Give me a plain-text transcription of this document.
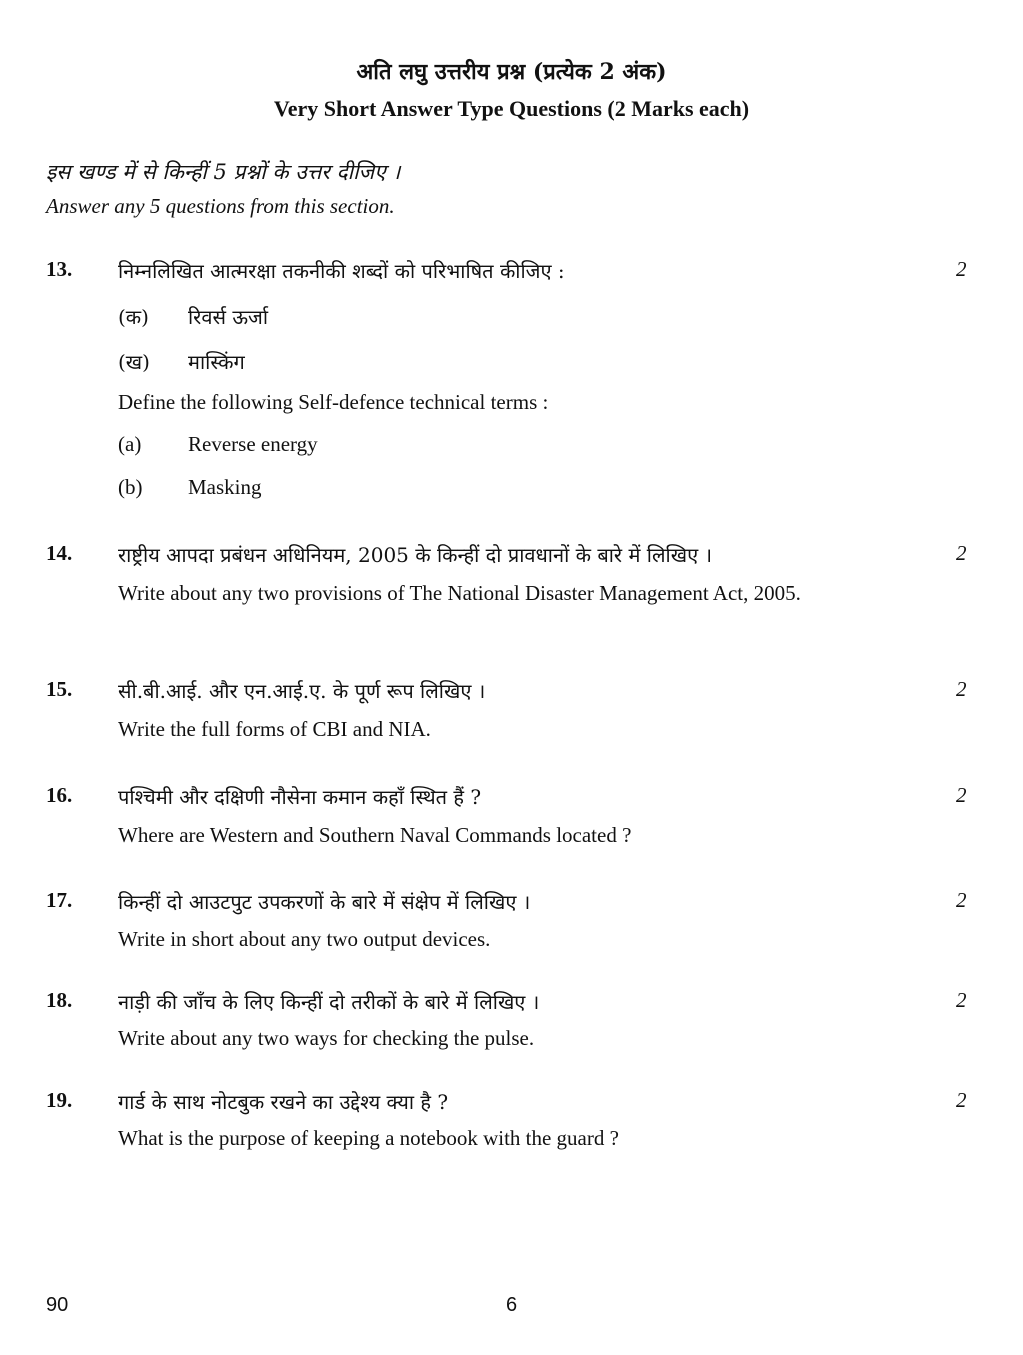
अति लघु उत्तरीय प्रश्न (प्रत्येक 2 अंक)
Very Short Answer Type Questions (2 Marks each)
इस खण्ड में से किन्हीं 5 प्रश्नों के उत्तर दीजिए ।
Answer any 5 questions from this section.
13. निम्नलिखित आत्मरक्षा तकनीकी शब्दों को परिभाषित कीजिए :	2
(क) रिवर्स ऊर्जा
(ख) मास्किंग
Define the following Self-defence technical terms :
(a) Reverse energy
(b) Masking
14. राष्ट्रीय आपदा प्रबंधन अधिनियम, 2005 के किन्हीं दो प्रावधानों के बारे में लिखिए ।	2
Write about any two provisions of The National Disaster Management Act, 2005.
15. सी.बी.आई. और एन.आई.ए. के पूर्ण रूप लिखिए ।	2
Write the full forms of CBI and NIA.
16. पश्चिमी और दक्षिणी नौसेना कमान कहाँ स्थित हैं ?	2
Where are Western and Southern Naval Commands located ?
17. किन्हीं दो आउटपुट उपकरणों के बारे में संक्षेप में लिखिए ।	2
Write in short about any two output devices.
18. नाड़ी की जाँच के लिए किन्हीं दो तरीकों के बारे में लिखिए ।	2
Write about any two ways for checking the pulse.
19. गार्ड के साथ नोटबुक रखने का उद्देश्य क्या है ?	2
What is the purpose of keeping a notebook with the guard ?
90	6
